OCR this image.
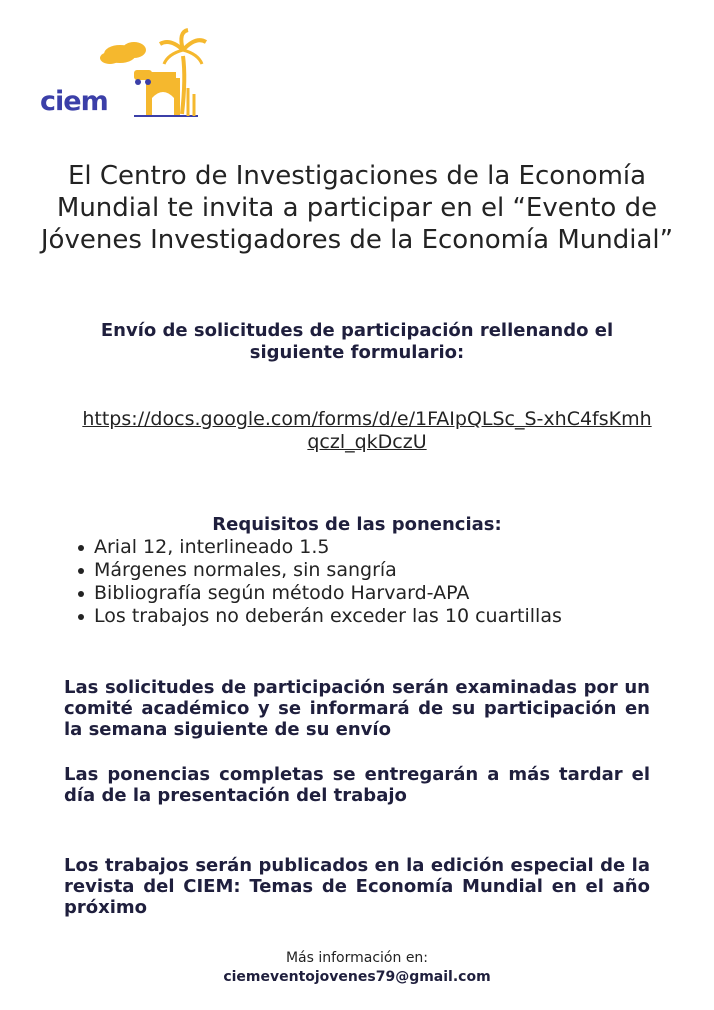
ciem
El Centro de Investigaciones de la Economía Mundial te invita a participar en el “Evento de Jóvenes Investigadores de la Economía Mundial”
Envío de solicitudes de participación rellenando el siguiente formulario:
https://docs.google.com/forms/d/e/1FAIpQLSc_S-xhC4fsKmhqczl_qkDczU
Requisitos de las ponencias:
Arial 12, interlineado 1.5
Márgenes normales, sin sangría
Bibliografía según método Harvard-APA
Los trabajos no deberán exceder las 10 cuartillas
Las solicitudes de participación serán examinadas por un comité académico y se informará de su participación en la semana siguiente de su envío
Las ponencias completas se entregarán a más tardar el día de la presentación del trabajo
Los trabajos serán publicados en la edición especial de la revista del CIEM: Temas de Economía Mundial en el año próximo
Más información en:
ciemeventojovenes79@gmail.com
